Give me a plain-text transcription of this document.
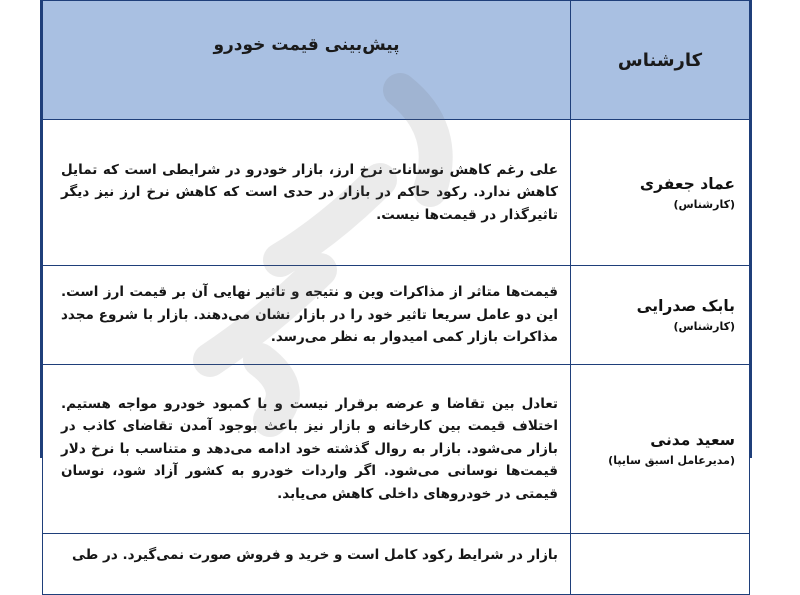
کارشناس	پیش‌بینی قیمت خودرو

عماد جعفری
(کارشناس)	علی رغم کاهش نوسانات نرخ ارز، بازار خودرو در شرایطی است که تمایل کاهش ندارد. رکود حاکم در بازار در حدی است که کاهش نرخ ارز نیز دیگر تاثیرگذار در قیمت‌ها نیست.

بابک صدرایی
(کارشناس)	قیمت‌ها متاثر از مذاکرات وین و نتیجه و تاثیر نهایی آن بر قیمت ارز است. این دو عامل سریعا تاثیر خود را در بازار نشان می‌دهند. بازار با شروع مجدد مذاکرات بازار کمی امیدوار به نظر می‌رسد.

سعید مدنی
(مدیرعامل اسبق سایپا)	تعادل بین تقاضا و عرضه برقرار نیست و با کمبود خودرو مواجه هستیم. اختلاف قیمت بین کارخانه و بازار نیز باعث بوجود آمدن تقاضای کاذب در بازار می‌شود. بازار به روال گذشته خود ادامه می‌دهد و متناسب با نرخ دلار قیمت‌ها نوسانی می‌شود. اگر واردات خودرو به کشور آزاد شود، نوسان قیمتی در خودروهای داخلی کاهش می‌یابد.

	بازار در شرایط رکود کامل است و خرید و فروش صورت نمی‌گیرد. در طی
